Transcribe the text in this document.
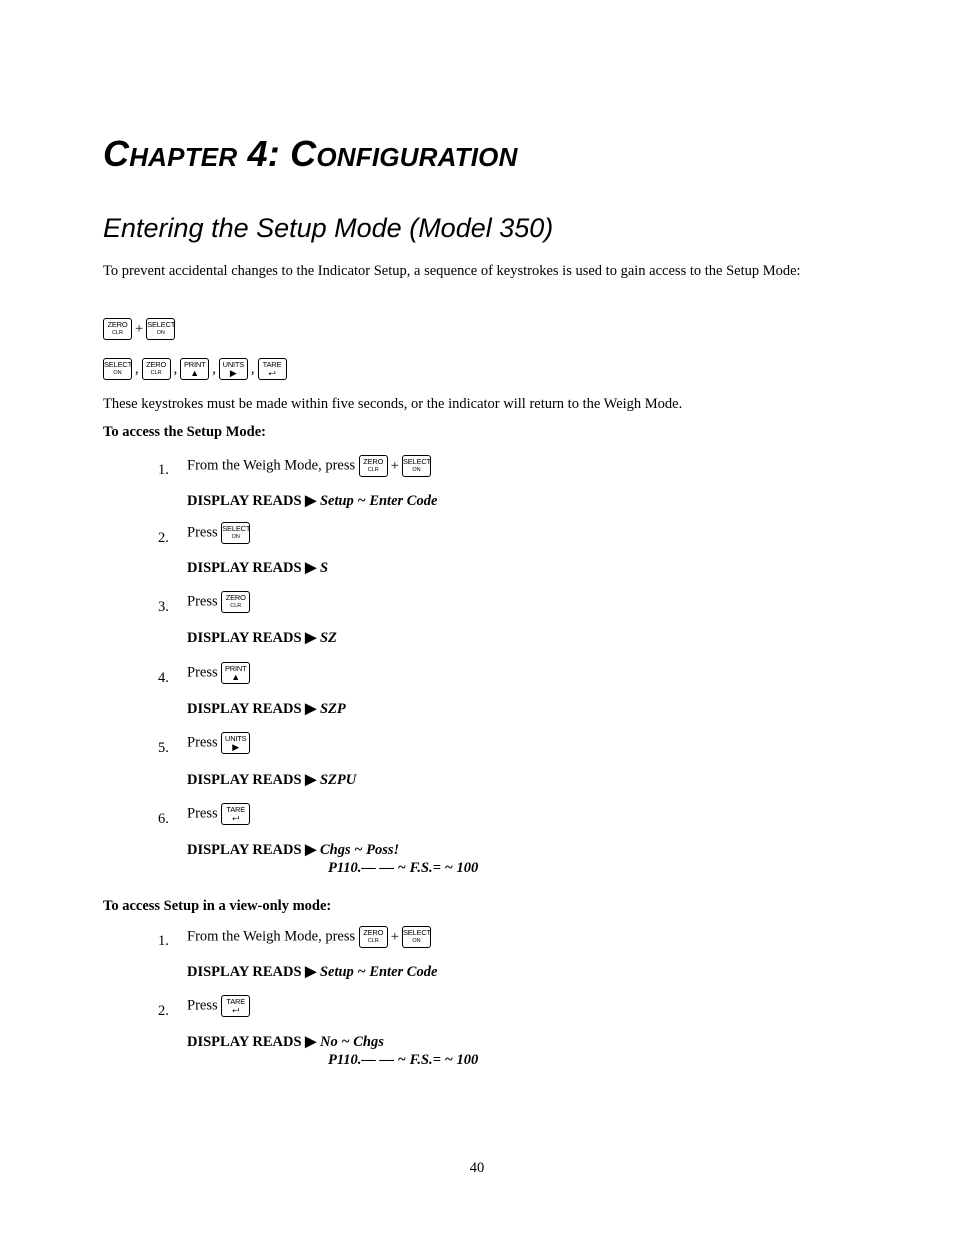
CHAPTER 4: CONFIGURATION
Entering the Setup Mode (Model 350)
To prevent accidental changes to the Indicator Setup, a sequence of keystrokes is used to gain access to the Setup Mode:
ZERO
CLR + SELECT
ON
SELECT
ON , ZERO
CLR , PRINT
▲ , UNITS
▶ ,	TARE
⮠
These keystrokes must be made within five seconds, or the indicator will return to the Weigh Mode.
To access the Setup Mode:
1. From the Weigh Mode, press	ZERO
CLR + SELECT
ON
DISPLAY READS ▶ Setup ~ Enter Code
2. Press SELECT
ON
DISPLAY READS ▶ S
3. Press	ZERO
CLR
DISPLAY READS ▶ SZ
4. Press PRINT
▲
DISPLAY READS ▶ SZP
5. Press UNITS
▶
DISPLAY READS ▶ SZPU
6. Press	TARE
⮠
DISPLAY READS ▶ Chgs ~ Poss!
P110.— — ~ F.S.= ~ 100
To access Setup in a view-only mode:
1. From the Weigh Mode, press	ZERO
CLR + SELECT
ON
DISPLAY READS ▶ Setup ~ Enter Code
2. Press	TARE
⮠
DISPLAY READS ▶ No ~ Chgs
P110.— — ~ F.S.= ~ 100
40
